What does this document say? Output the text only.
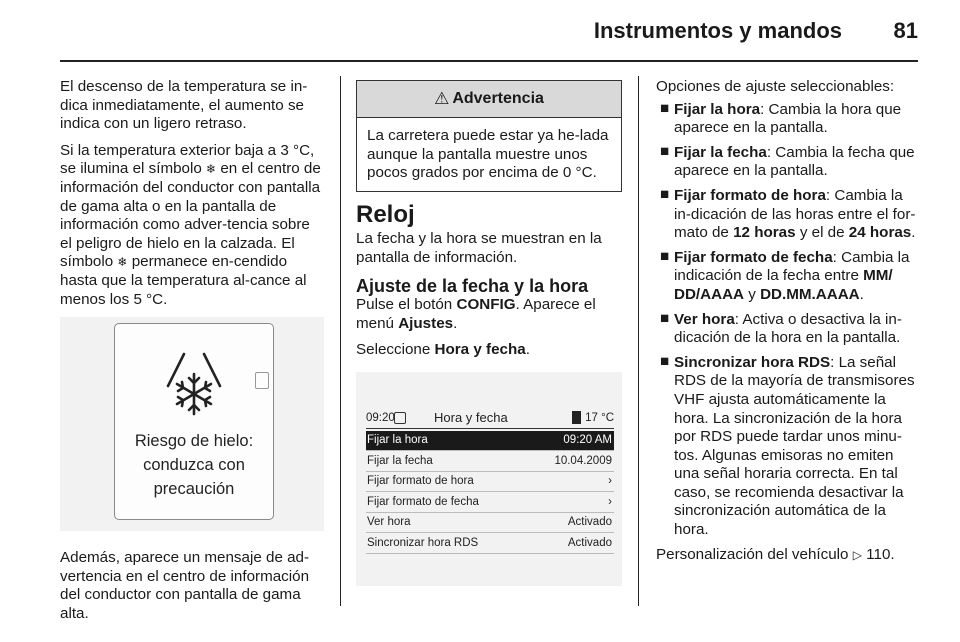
Instrumentos y mandos 81

El descenso de la temperatura se in-dica inmediatamente, el aumento se indica con un ligero retraso.

Si la temperatura exterior baja a 3 °C, se ilumina el símbolo ❄ en el centro de información del conductor con pantalla de gama alta o en la pantalla de información como adver-tencia sobre el peligro de hielo en la calzada. El símbolo ❄ permanece en-cendido hasta que la temperatura al-cance al menos los 5 °C.

Riesgo de hielo:
conduzca con
precaución

Además, aparece un mensaje de ad-vertencia en el centro de información del conductor con pantalla de gama alta.

⚠ Advertencia
La carretera puede estar ya he-lada aunque la pantalla muestre unos pocos grados por encima de 0 °C.
Reloj

La fecha y la hora se muestran en la pantalla de información.

Ajuste de la fecha y la hora

Pulse el botón CONFIG. Aparece el menú Ajustes.

Seleccione Hora y fecha.

09:20	Hora y fecha	17 °C
Fijar la hora	09:20 AM
Fijar la fecha	10.04.2009
Fijar formato de hora	›
Fijar formato de fecha	›
Ver hora	Activado
Sincronizar hora RDS	Activado

Opciones de ajuste seleccionables:

■ Fijar la hora: Cambia la hora que aparece en la pantalla.
■ Fijar la fecha: Cambia la fecha que aparece en la pantalla.
■ Fijar formato de hora: Cambia la in-dicación de las horas entre el for-mato de 12 horas y el de 24 horas.
■ Fijar formato de fecha: Cambia la indicación de la fecha entre MM/ DD/AAAA y DD.MM.AAAA.
■ Ver hora: Activa o desactiva la in-dicación de la hora en la pantalla.
■ Sincronizar hora RDS: La señal RDS de la mayoría de transmisores VHF ajusta automáticamente la hora. La sincronización de la hora por RDS puede tardar unos minu-tos. Algunas emisoras no emiten una señal horaria correcta. En tal caso, se recomienda desactivar la sincronización automática de la hora.

Personalización del vehículo ▷ 110.
